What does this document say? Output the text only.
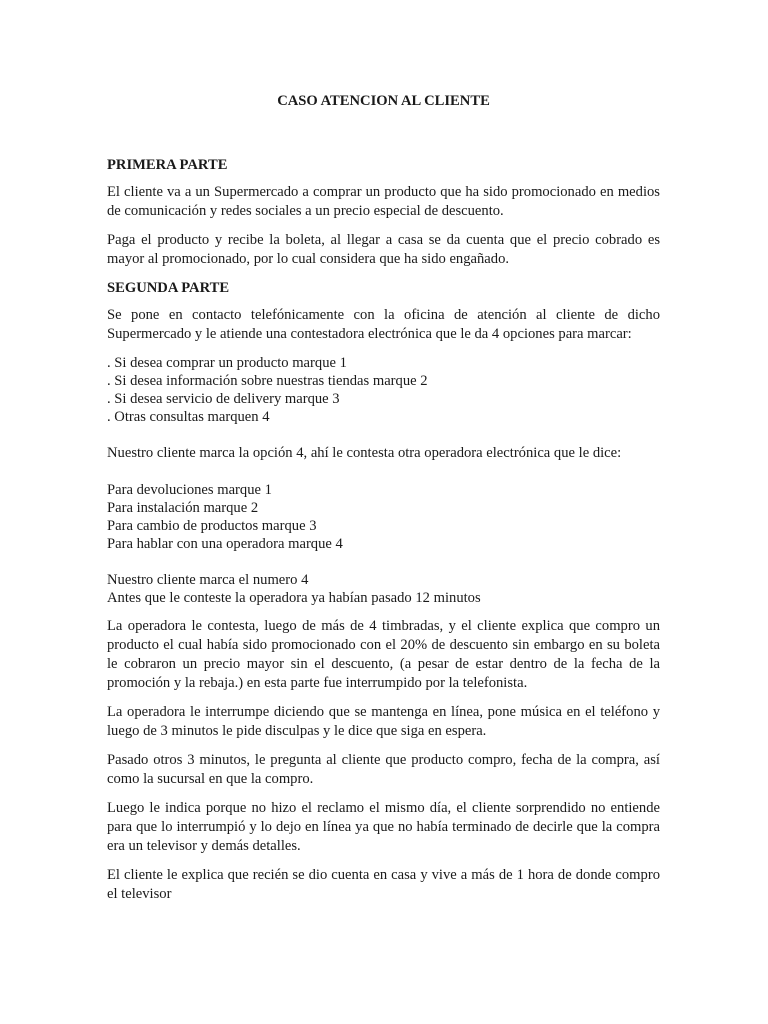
CASO ATENCION AL CLIENTE
PRIMERA PARTE
El cliente va a un Supermercado a comprar un producto que ha sido promocionado en medios de comunicación y redes sociales a un precio especial de descuento.
Paga el producto y recibe la boleta, al llegar a casa se da cuenta que el precio cobrado es mayor al promocionado, por lo cual considera que ha sido engañado.
SEGUNDA PARTE
Se pone en contacto telefónicamente con la oficina de atención al cliente de dicho Supermercado y le atiende una contestadora electrónica que le da 4 opciones para marcar:
. Si desea comprar un producto marque 1
. Si desea información sobre nuestras tiendas marque 2
. Si desea servicio de delivery marque 3
. Otras consultas marquen 4
Nuestro cliente marca la opción 4, ahí le contesta otra operadora electrónica que le dice:
Para devoluciones marque 1
Para instalación marque 2
Para cambio de productos marque 3
Para hablar con una operadora marque 4
Nuestro cliente marca el numero 4
Antes que le conteste la operadora ya habían pasado 12 minutos
La operadora le contesta, luego de más de 4 timbradas, y el cliente explica que compro un producto el cual había sido promocionado con el 20% de descuento sin embargo en su boleta le cobraron un precio mayor sin el descuento, (a pesar de estar dentro de la fecha de la promoción y la rebaja.) en esta parte fue interrumpido por la telefonista.
La operadora le interrumpe diciendo que se mantenga en línea, pone música en el teléfono y luego de 3 minutos le pide disculpas y le dice que siga en espera.
Pasado otros 3 minutos, le pregunta al cliente que producto compro, fecha de la compra, así como la sucursal en que la compro.
Luego le indica porque no hizo el reclamo el mismo día, el cliente sorprendido no entiende para que lo interrumpió y lo dejo en línea ya que no había terminado de decirle que la compra era un televisor y demás detalles.
El cliente le explica que recién se dio cuenta en casa y vive a más de 1 hora de donde compro el televisor
